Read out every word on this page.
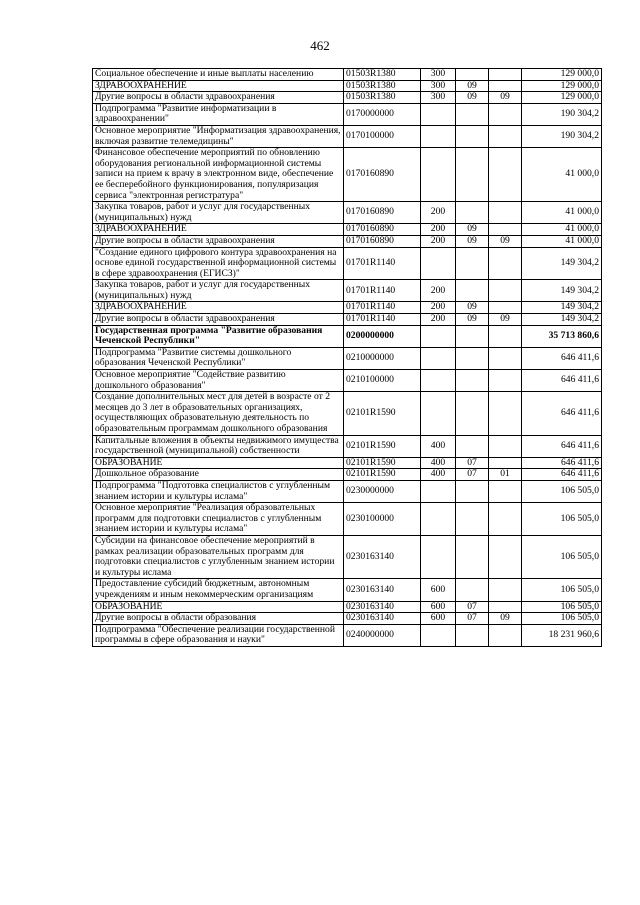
462
Социальное обеспечение и иные выплаты населению	01503R1380	300			129 000,0
ЗДРАВООХРАНЕНИЕ	01503R1380	300	09		129 000,0
Другие вопросы в области здравоохранения	01503R1380	300	09	09	129 000,0
Подпрограмма "Развитие информатизации в здравоохранении"	0170000000				190 304,2
Основное мероприятие "Информатизация здравоохранения, включая развитие телемедицины"	0170100000				190 304,2
Финансовое обеспечение мероприятий по обновлению оборудования региональной информационной системы записи на прием к врачу в электронном виде, обеспечение ее бесперебойного функционирования, популяризация сервиса "электронная регистратура"	0170160890				41 000,0
Закупка товаров, работ и услуг для государственных (муниципальных) нужд	0170160890	200			41 000,0
ЗДРАВООХРАНЕНИЕ	0170160890	200	09		41 000,0
Другие вопросы в области здравоохранения	0170160890	200	09	09	41 000,0
"Создание единого цифрового контура здравоохранения на основе единой государственной информационной системы в сфере здравоохранения (ЕГИСЗ)"	01701R1140				149 304,2
Закупка товаров, работ и услуг для государственных (муниципальных) нужд	01701R1140	200			149 304,2
ЗДРАВООХРАНЕНИЕ	01701R1140	200	09		149 304,2
Другие вопросы в области здравоохранения	01701R1140	200	09	09	149 304,2
Государственная программа "Развитие образования Чеченской Республики"	0200000000				35 713 860,6
Подпрограмма "Развитие системы дошкольного образования Чеченской Республики"	0210000000				646 411,6
Основное мероприятие "Содействие развитию дошкольного образования"	0210100000				646 411,6
Создание дополнительных мест для детей в возрасте от 2 месяцев до 3 лет в образовательных организациях, осуществляющих образовательную деятельность по образовательным программам дошкольного образования	02101R1590				646 411,6
Капитальные вложения в объекты недвижимого имущества государственной (муниципальной) собственности	02101R1590	400			646 411,6
ОБРАЗОВАНИЕ	02101R1590	400	07		646 411,6
Дошкольное образование	02101R1590	400	07	01	646 411,6
Подпрограмма "Подготовка специалистов с углубленным знанием истории и культуры ислама"	0230000000				106 505,0
Основное мероприятие "Реализация образовательных программ для подготовки специалистов с углубленным знанием истории и культуры ислама"	0230100000				106 505,0
Субсидии на финансовое обеспечение мероприятий в рамках реализации образовательных программ для подготовки специалистов с углубленным знанием истории и культуры ислама	0230163140				106 505,0
Предоставление субсидий бюджетным, автономным учреждениям и иным некоммерческим организациям	0230163140	600			106 505,0
ОБРАЗОВАНИЕ	0230163140	600	07		106 505,0
Другие вопросы в области образования	0230163140	600	07	09	106 505,0
Подпрограмма "Обеспечение реализации государственной программы в сфере образования и науки"	0240000000				18 231 960,6
